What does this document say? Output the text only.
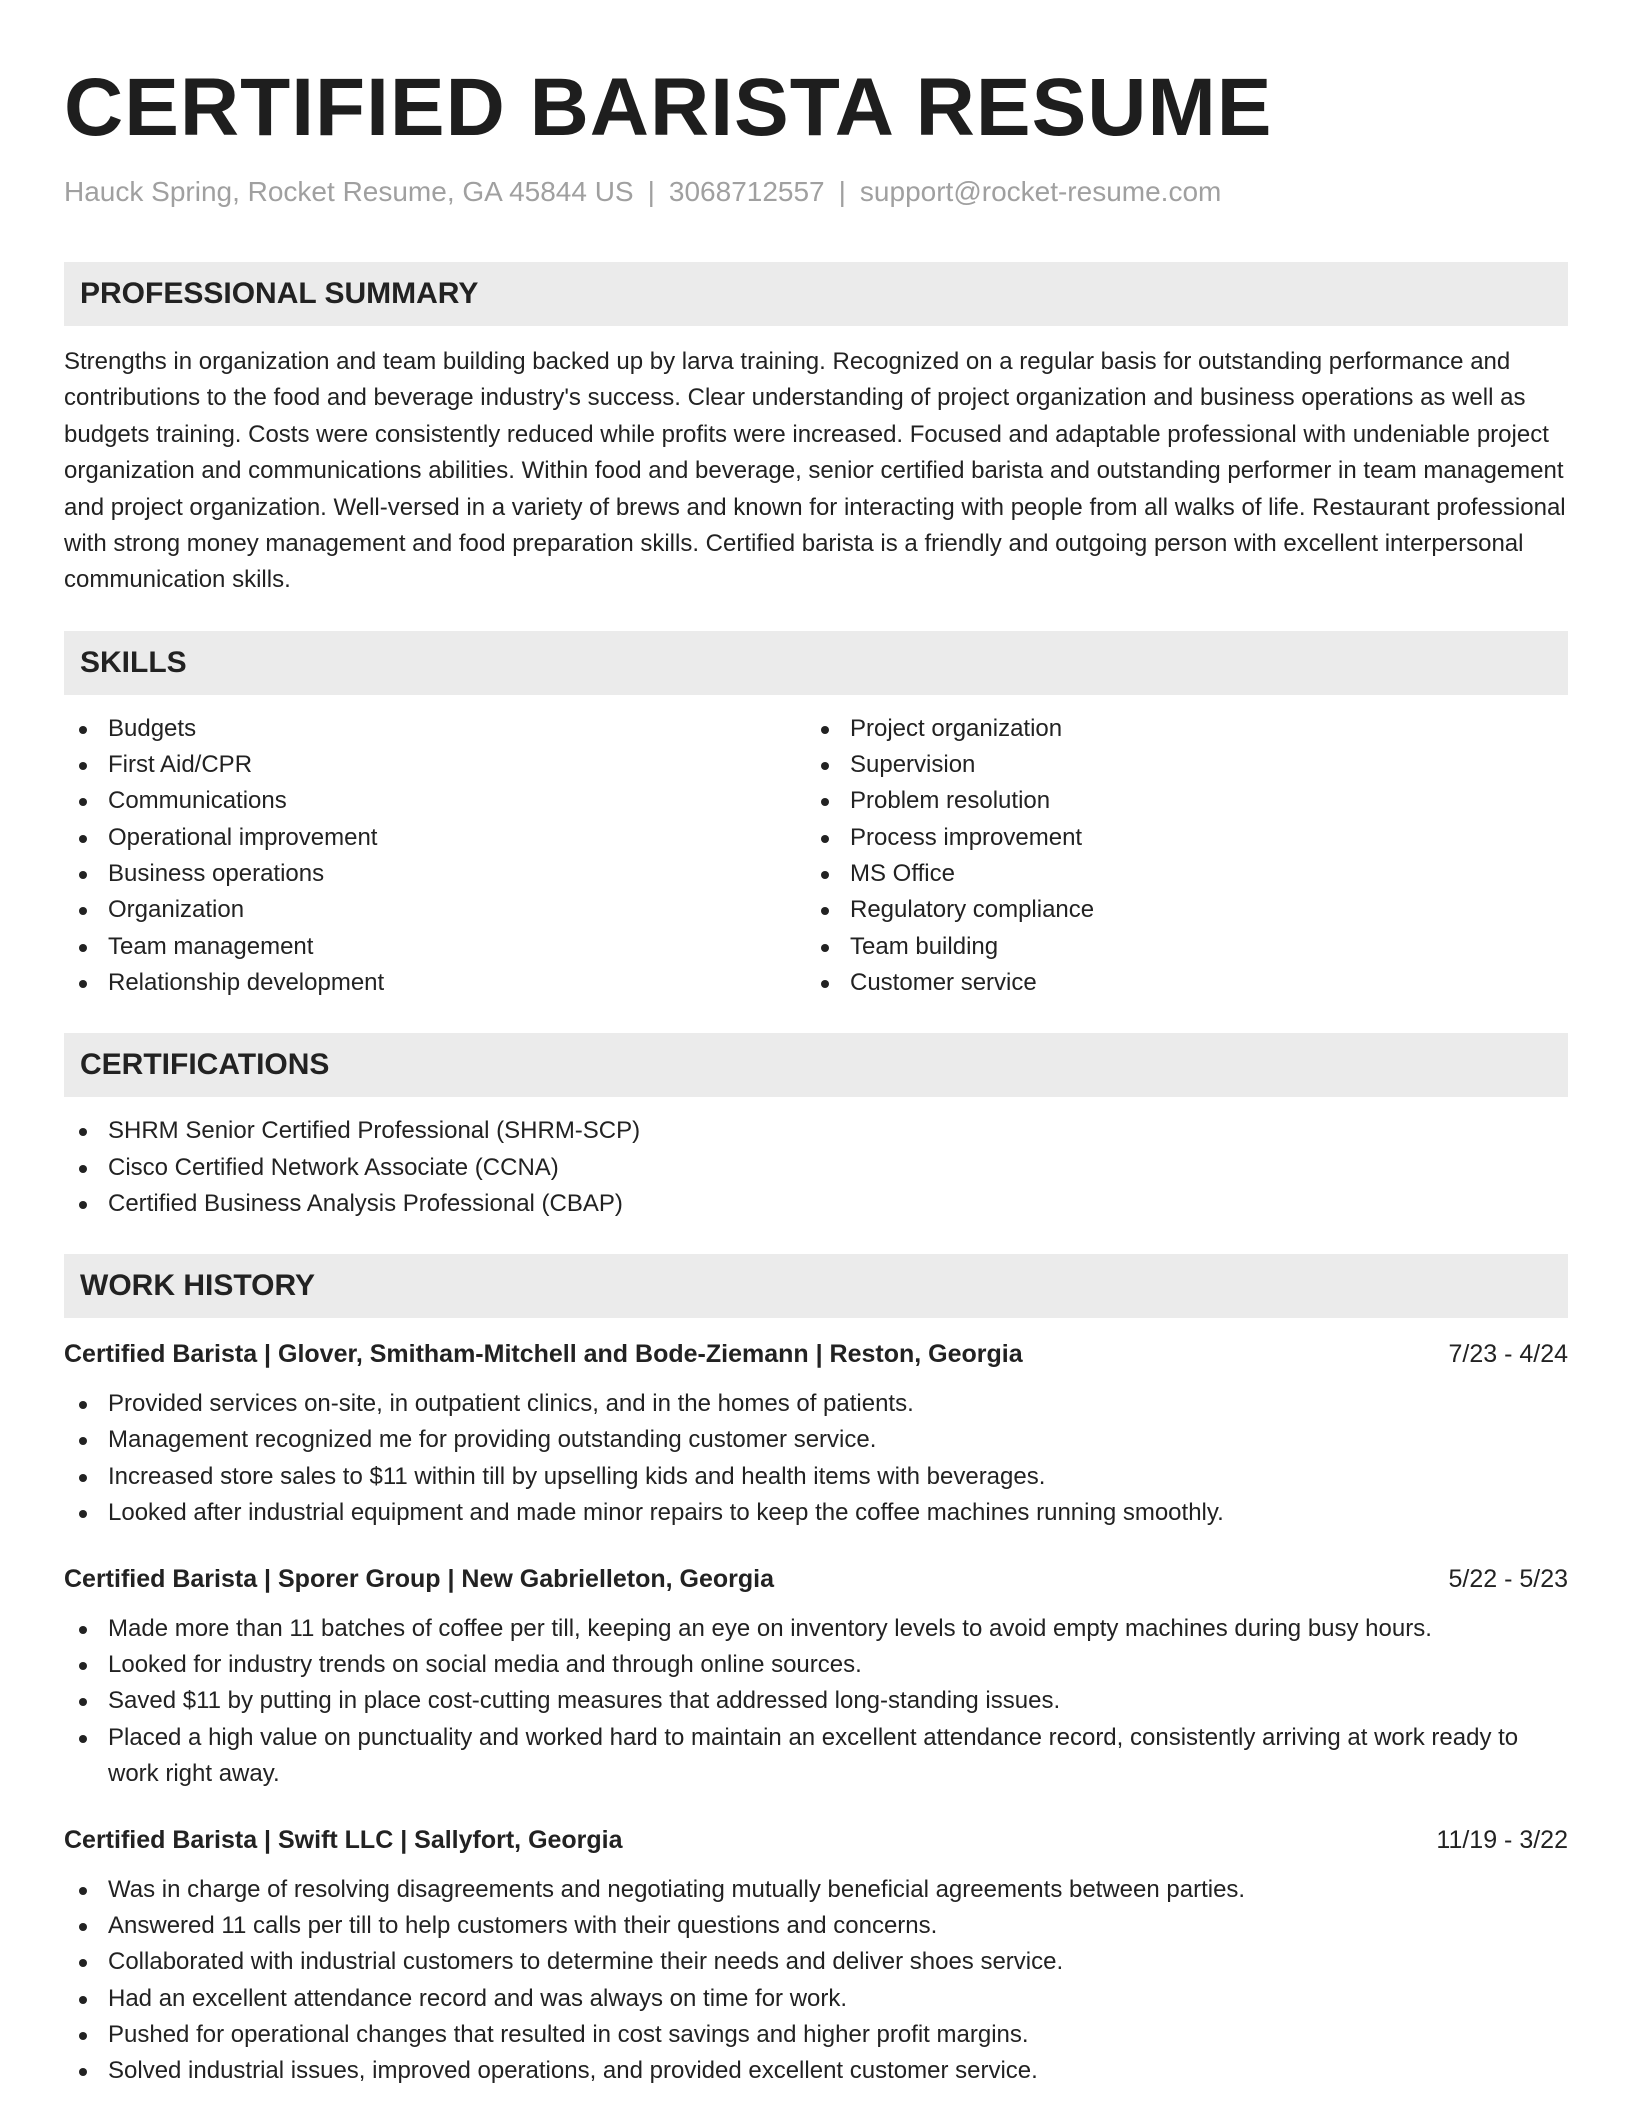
CERTIFIED BARISTA RESUME
Hauck Spring, Rocket Resume, GA 45844 US | 3068712557 | support@rocket-resume.com
PROFESSIONAL SUMMARY
Strengths in organization and team building backed up by larva training. Recognized on a regular basis for outstanding performance and contributions to the food and beverage industry's success. Clear understanding of project organization and business operations as well as budgets training. Costs were consistently reduced while profits were increased. Focused and adaptable professional with undeniable project organization and communications abilities. Within food and beverage, senior certified barista and outstanding performer in team management and project organization. Well-versed in a variety of brews and known for interacting with people from all walks of life. Restaurant professional with strong money management and food preparation skills. Certified barista is a friendly and outgoing person with excellent interpersonal communication skills.
SKILLS
Budgets
First Aid/CPR
Communications
Operational improvement
Business operations
Organization
Team management
Relationship development
Project organization
Supervision
Problem resolution
Process improvement
MS Office
Regulatory compliance
Team building
Customer service
CERTIFICATIONS
SHRM Senior Certified Professional (SHRM-SCP)
Cisco Certified Network Associate (CCNA)
Certified Business Analysis Professional (CBAP)
WORK HISTORY
Certified Barista | Glover, Smitham-Mitchell and Bode-Ziemann | Reston, Georgia	7/23 - 4/24
Provided services on-site, in outpatient clinics, and in the homes of patients.
Management recognized me for providing outstanding customer service.
Increased store sales to $11 within till by upselling kids and health items with beverages.
Looked after industrial equipment and made minor repairs to keep the coffee machines running smoothly.
Certified Barista | Sporer Group | New Gabrielleton, Georgia	5/22 - 5/23
Made more than 11 batches of coffee per till, keeping an eye on inventory levels to avoid empty machines during busy hours.
Looked for industry trends on social media and through online sources.
Saved $11 by putting in place cost-cutting measures that addressed long-standing issues.
Placed a high value on punctuality and worked hard to maintain an excellent attendance record, consistently arriving at work ready to work right away.
Certified Barista | Swift LLC | Sallyfort, Georgia	11/19 - 3/22
Was in charge of resolving disagreements and negotiating mutually beneficial agreements between parties.
Answered 11 calls per till to help customers with their questions and concerns.
Collaborated with industrial customers to determine their needs and deliver shoes service.
Had an excellent attendance record and was always on time for work.
Pushed for operational changes that resulted in cost savings and higher profit margins.
Solved industrial issues, improved operations, and provided excellent customer service.
